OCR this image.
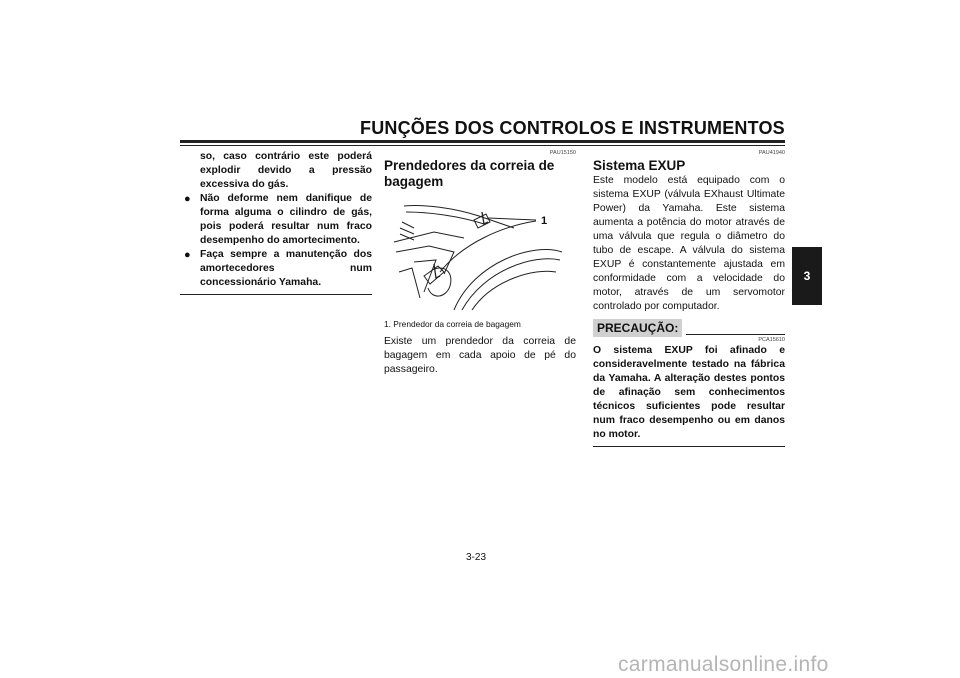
FUNÇÕES DOS CONTROLOS E INSTRUMENTOS
3
so, caso contrário este poderá explodir devido a pressão excessiva do gás.
● Não deforme nem danifique de forma alguma o cilindro de gás, pois poderá resultar num fraco desempenho do amortecimento.
● Faça sempre a manutenção dos amortecedores num concessionário Yamaha.
PAU15150
Prendedores da correia de bagagem
1
1. Prendedor da correia de bagagem
Existe um prendedor da correia de bagagem em cada apoio de pé do passageiro.
PAU41940
Sistema EXUP
Este modelo está equipado com o sistema EXUP (válvula EXhaust Ultimate Power) da Yamaha. Este sistema aumenta a potência do motor através de uma válvula que regula o diâmetro do tubo de escape. A válvula do sistema EXUP é constantemente ajustada em conformidade com a velocidade do motor, através de um servomotor controlado por computador.
PRECAUÇÃO:
PCA15610
O sistema EXUP foi afinado e consideravelmente testado na fábrica da Yamaha. A alteração destes pontos de afinação sem conhecimentos técnicos suficientes pode resultar num fraco desempenho ou em danos no motor.
3-23
carmanualsonline.info
